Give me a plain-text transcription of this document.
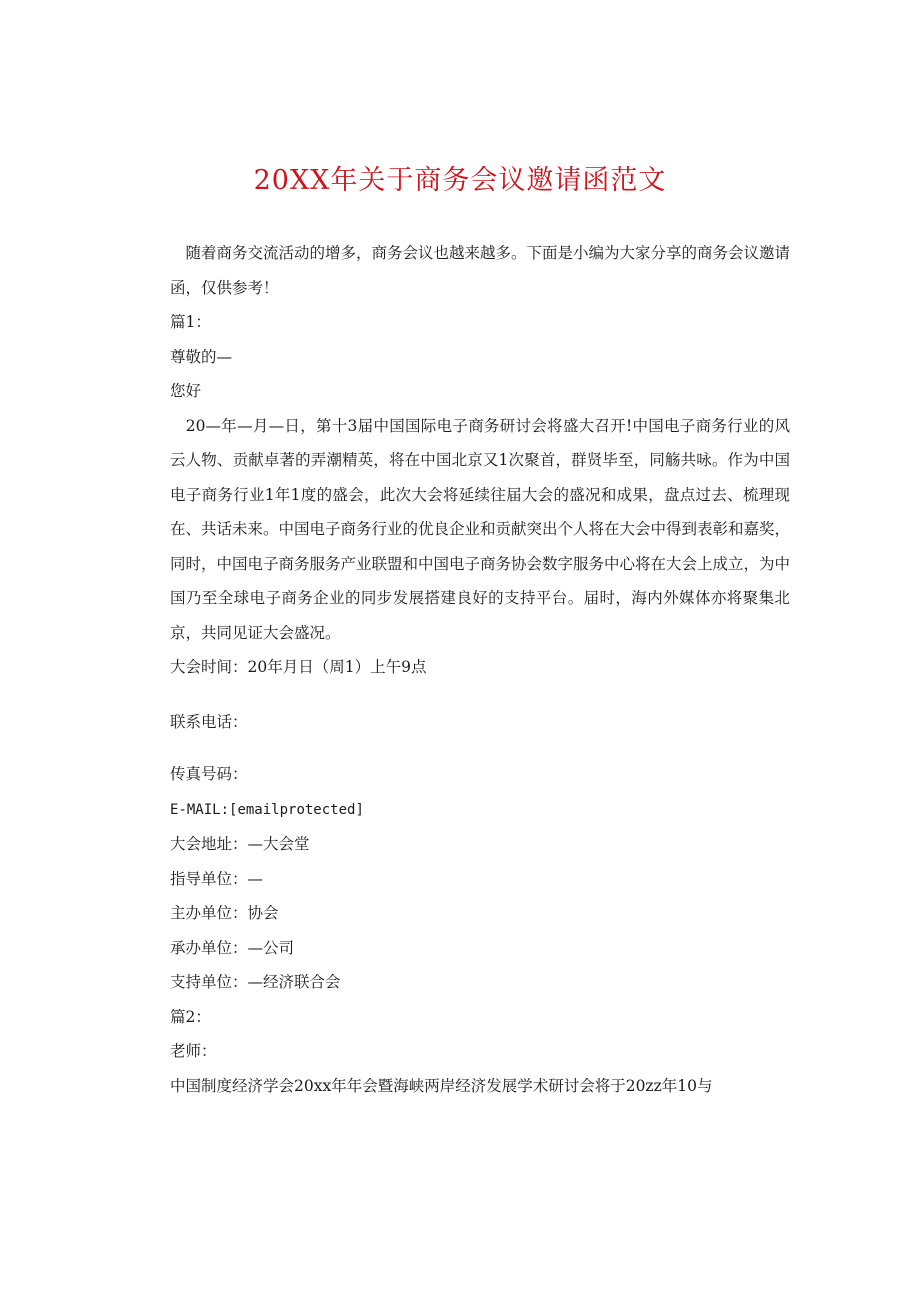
20XX年关于商务会议邀请函范文

　随着商务交流活动的增多，商务会议也越来越多。下面是小编为大家分享的商务会议邀请函，仅供参考！

篇1：

尊敬的—

您好

　20—年—月—日，第十3届中国国际电子商务研讨会将盛大召开!中国电子商务行业的风云人物、贡献卓著的弄潮精英，将在中国北京又1次聚首，群贤毕至，同觞共咏。作为中国电子商务行业1年1度的盛会，此次大会将延续往届大会的盛况和成果，盘点过去、梳理现在、共话未来。中国电子商务行业的优良企业和贡献突出个人将在大会中得到表彰和嘉奖，同时，中国电子商务服务产业联盟和中国电子商务协会数字服务中心将在大会上成立，为中国乃至全球电子商务企业的同步发展搭建良好的支持平台。届时，海内外媒体亦将聚集北京，共同见证大会盛况。

大会时间：20年月日（周1）上午9点

联系电话：

传真号码：

E-MAIL:[emailprotected]

大会地址：—大会堂

指导单位：—

主办单位：协会

承办单位：—公司

支持单位：—经济联合会

篇2：

老师：

中国制度经济学会20xx年年会暨海峡两岸经济发展学术研讨会将于20zz年10与
